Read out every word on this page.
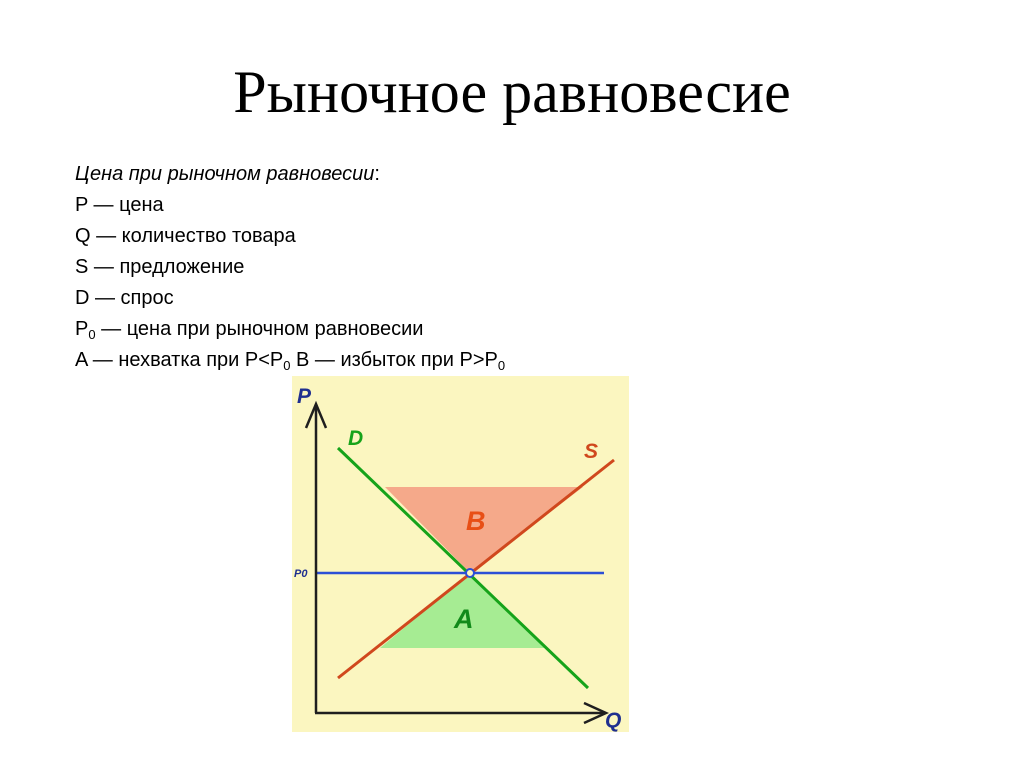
Рыночное равновесие
Цена при рыночном равновесии:
P — цена
Q — количество товара
S — предложение
D — спрос
$P_0$ — цена при рыночном равновесии
A — нехватка при $P<P_0$ B — избыток при $P>P_0$
P
Q
D
S
P0
B
A
